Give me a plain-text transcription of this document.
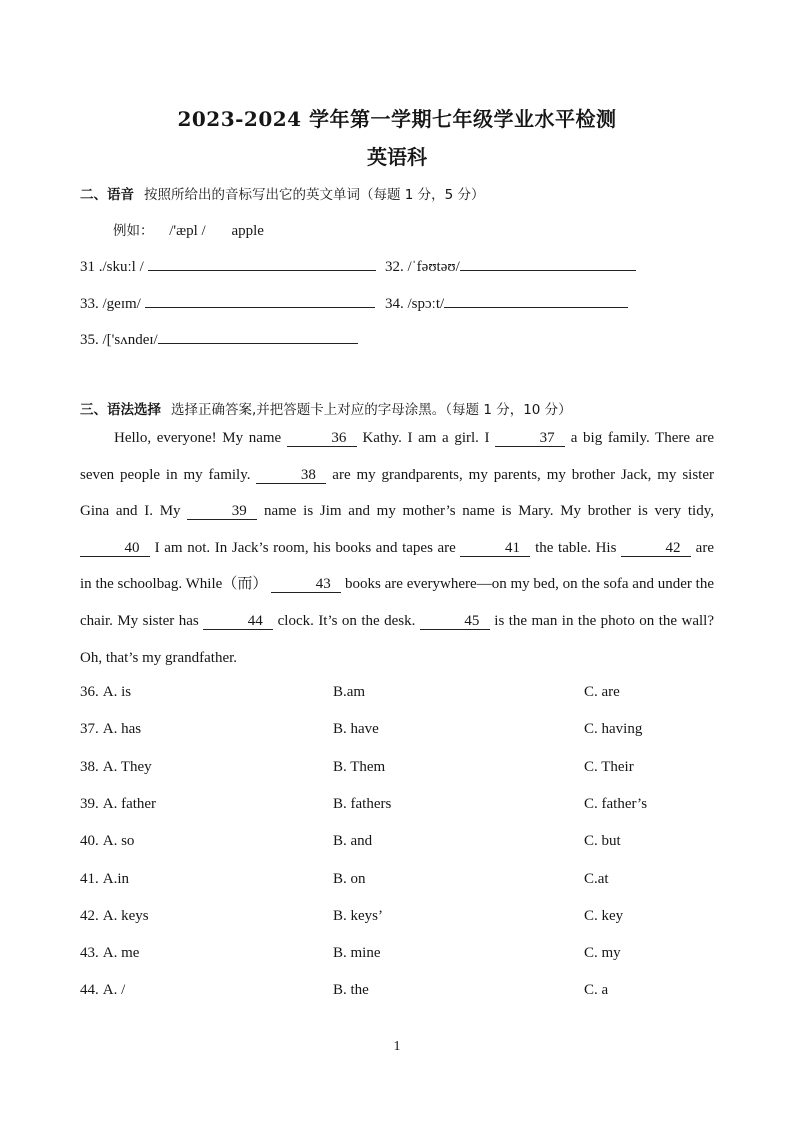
2023-2024 学年第一学期七年级学业水平检测
英语科
二、语音 按照所给出的音标写出它的英文单词（每题 1 分，5 分）
例如： /'æpl / apple
31 ./skuːl /	32. /ˈfəʊtəʊ/
33. /geɪm/	34. /spɔːt/
35. /['sʌndeɪ/
三、语法选择 选择正确答案,并把答题卡上对应的字母涂黑。（每题 1 分，10 分）
Hello, everyone! My name	36 Kathy. I am a girl. I	37 a big family. There are seven people in my family.	38 are my grandparents, my parents, my brother Jack, my sister Gina and I. My	39 name is Jim and my mother’s name is Mary. My brother is very tidy, 40 I am not. In Jack’s room, his books and tapes are	41 the table. His	42 are in the schoolbag. While（而）	43 books are everywhere—on my bed, on the sofa and under the chair. My sister has	44 clock. It’s on the desk.	45 is the man in the photo on the wall? Oh, that’s my grandfather.
36. A. is	B.am	C. are
37. A. has	B. have	C. having
38. A. They	B. Them	C. Their
39. A. father	B. fathers	C. father’s
40. A. so	B. and	C. but
41. A.in	B. on	C.at
42. A. keys	B. keys’	C. key
43. A. me	B. mine	C. my
44. A. /	B. the	C. a
1
